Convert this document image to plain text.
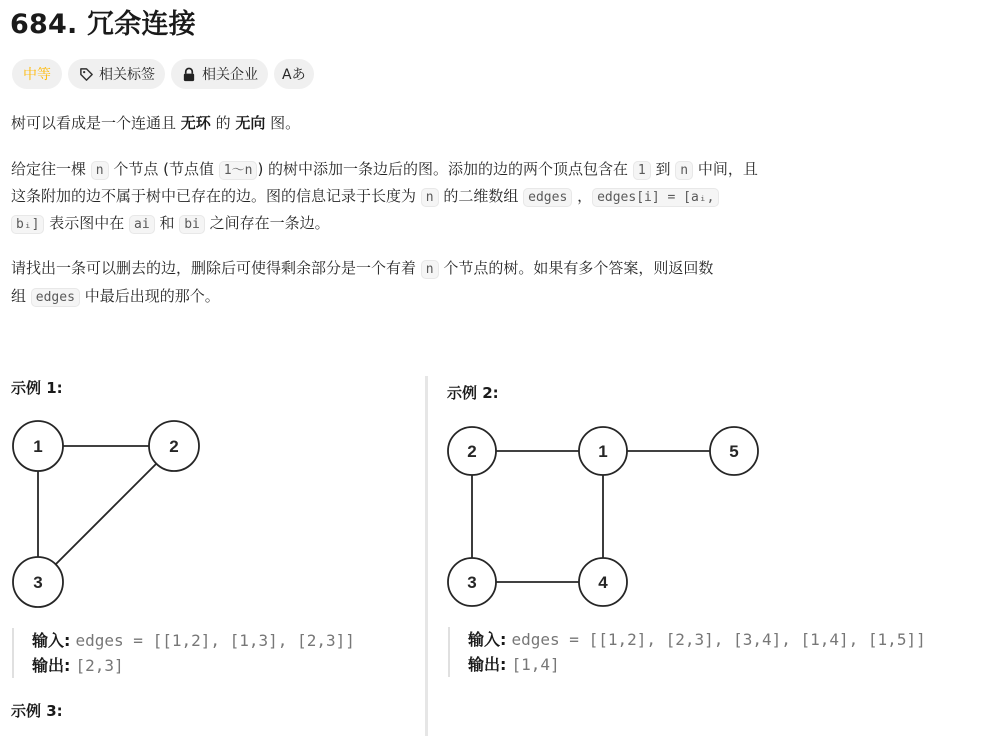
684. 冗余连接
中等	相关标签	相关企业 Aあ

树可以看成是一个连通且 无环 的 无向 图。

给定往一棵 n 个节点 (节点值 1～n ) 的树中添加一条边后的图。添加的边的两个顶点包含在 1 到 n 中间，且

这条附加的边不属于树中已存在的边。图的信息记录于长度为 n 的二维数组 edges ， edges[i] = [aᵢ,

bᵢ] 表示图中在 ai 和 bi 之间存在一条边。

请找出一条可以删去的边，删除后可使得剩余部分是一个有着 n 个节点的树。如果有多个答案，则返回数

组 edges 中最后出现的那个。

示例 1:	示例 2:
1	2
3
2	1	5
3	4
输入: edges = [[1,2], [1,3], [2,3]]
输出: [2,3]
输入: edges = [[1,2], [2,3], [3,4], [1,4], [1,5]]
输出: [1,4]
示例 3:
